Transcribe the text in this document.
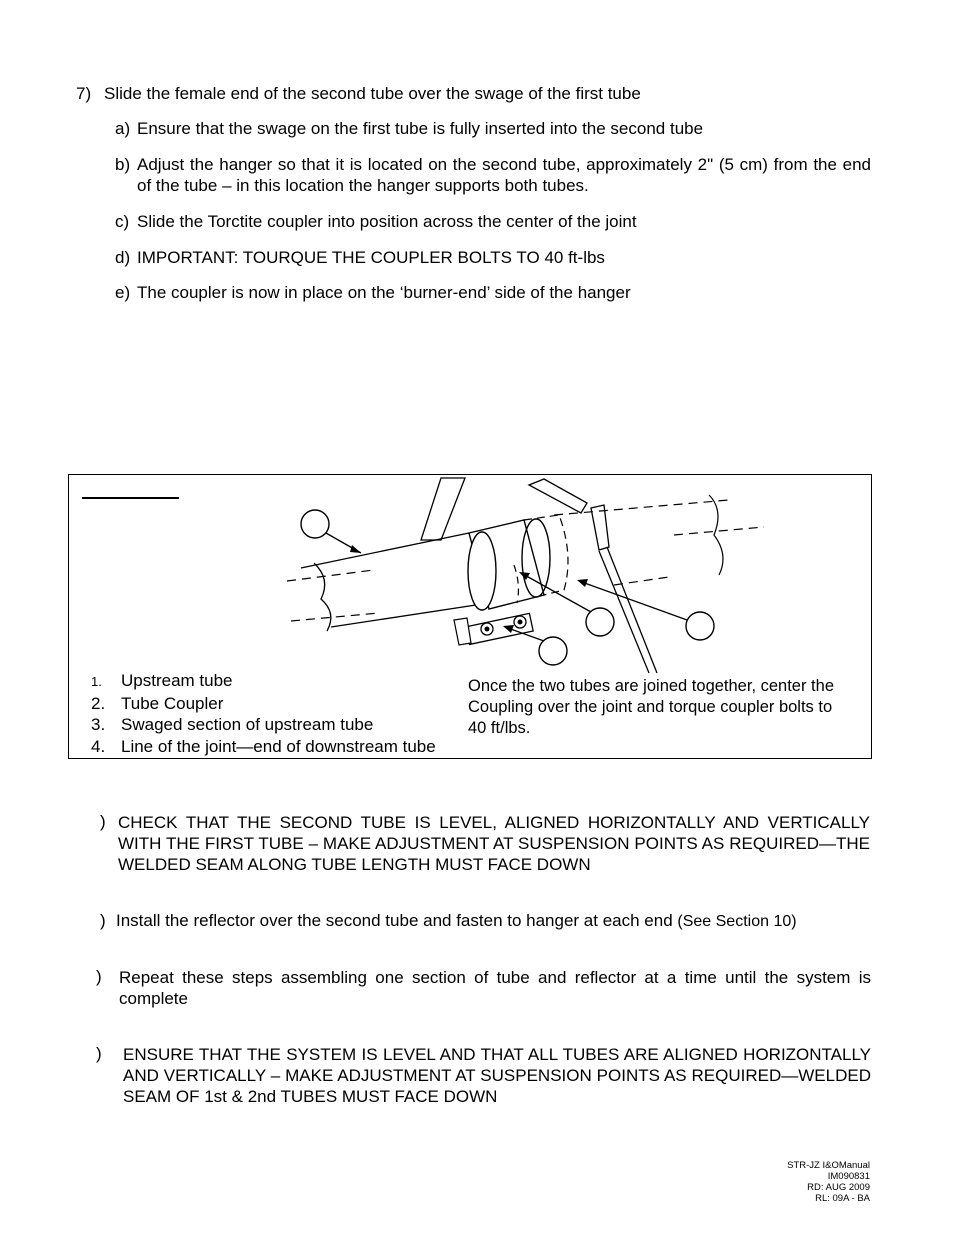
7) Slide the female end of the second tube over the swage of the first tube
a) Ensure that the swage on the first tube is fully inserted into the second tube
b) Adjust the hanger so that it is located on the second tube, approximately 2" (5 cm) from the end of the tube – in this location the hanger supports both tubes.
c) Slide the Torctite coupler into position across the center of the joint
d) IMPORTANT: TOURQUE THE COUPLER BOLTS TO 40 ft-lbs
e) The coupler is now in place on the ‘burner-end’ side of the hanger
1. Upstream tube
2. Tube Coupler
3. Swaged section of upstream tube
4. Line of the joint—end of downstream tube
Once the two tubes are joined together, center the Coupling over the joint and torque coupler bolts to 40 ft/lbs.
) CHECK THAT THE SECOND TUBE IS LEVEL, ALIGNED HORIZONTALLY AND VERTICALLY WITH THE FIRST TUBE – MAKE ADJUSTMENT AT SUSPENSION POINTS AS REQUIRED—THE WELDED SEAM ALONG TUBE LENGTH MUST FACE DOWN
) Install the reflector over the second tube and fasten to hanger at each end (See Section 10)
) Repeat these steps assembling one section of tube and reflector at a time until the system is complete
) ENSURE THAT THE SYSTEM IS LEVEL AND THAT ALL TUBES ARE ALIGNED HORIZONTALLY AND VERTICALLY – MAKE ADJUSTMENT AT SUSPENSION POINTS AS REQUIRED—WELDED SEAM OF 1st & 2nd TUBES MUST FACE DOWN
STR-JZ I&OManual
IM090831
RD: AUG 2009
RL: 09A - BA
